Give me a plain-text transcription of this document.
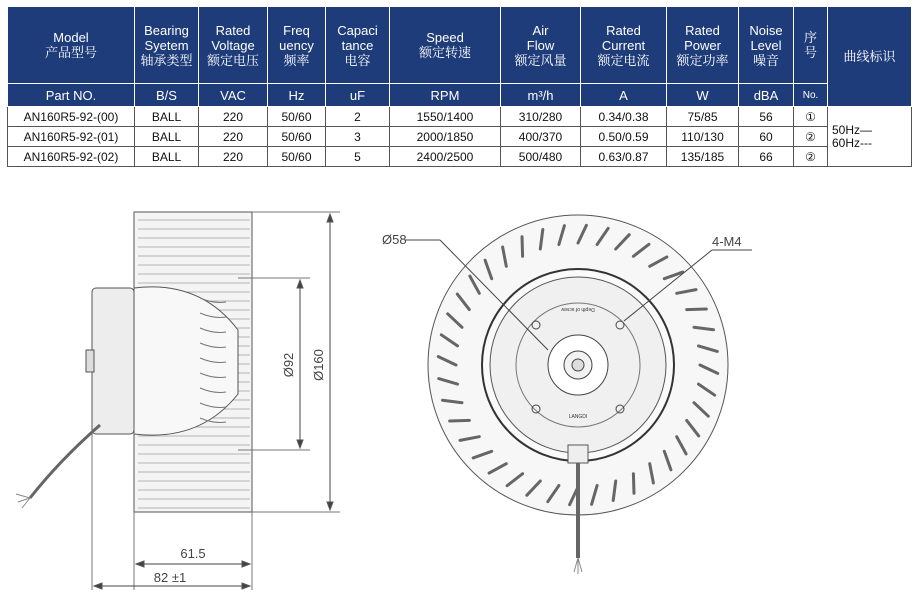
Model
产品型号	Bearing
Syetem
轴承类型	Rated
Voltage
额定电压	Freq
uency
频率	Capaci
tance
电容	Speed
额定转速	Air
Flow
额定风量	Rated
Current
额定电流	Rated
Power
额定功率	Noise
Level
噪音	序
号	曲线标识
Part NO.	B/S	VAC	Hz	uF	RPM	m³/h	A	W	dBA	No.	
AN160R5-92-(00)	BALL	220	50/60	2	1550/1400	310/280	0.34/0.38	75/85	56	①	50Hz—
60Hz---

AN160R5-92-(01)	BALL	220	50/60	3	2000/1850	400/370	0.50/0.59	110/130	60	②	
AN160R5-92-(02)	BALL	220	50/60	5	2400/2500	500/480	0.63/0.87	135/185	66	②	
Ø92 Ø160
61.5
82 ±1
Ø58	4-M4
Depth of screw
LANGDI
